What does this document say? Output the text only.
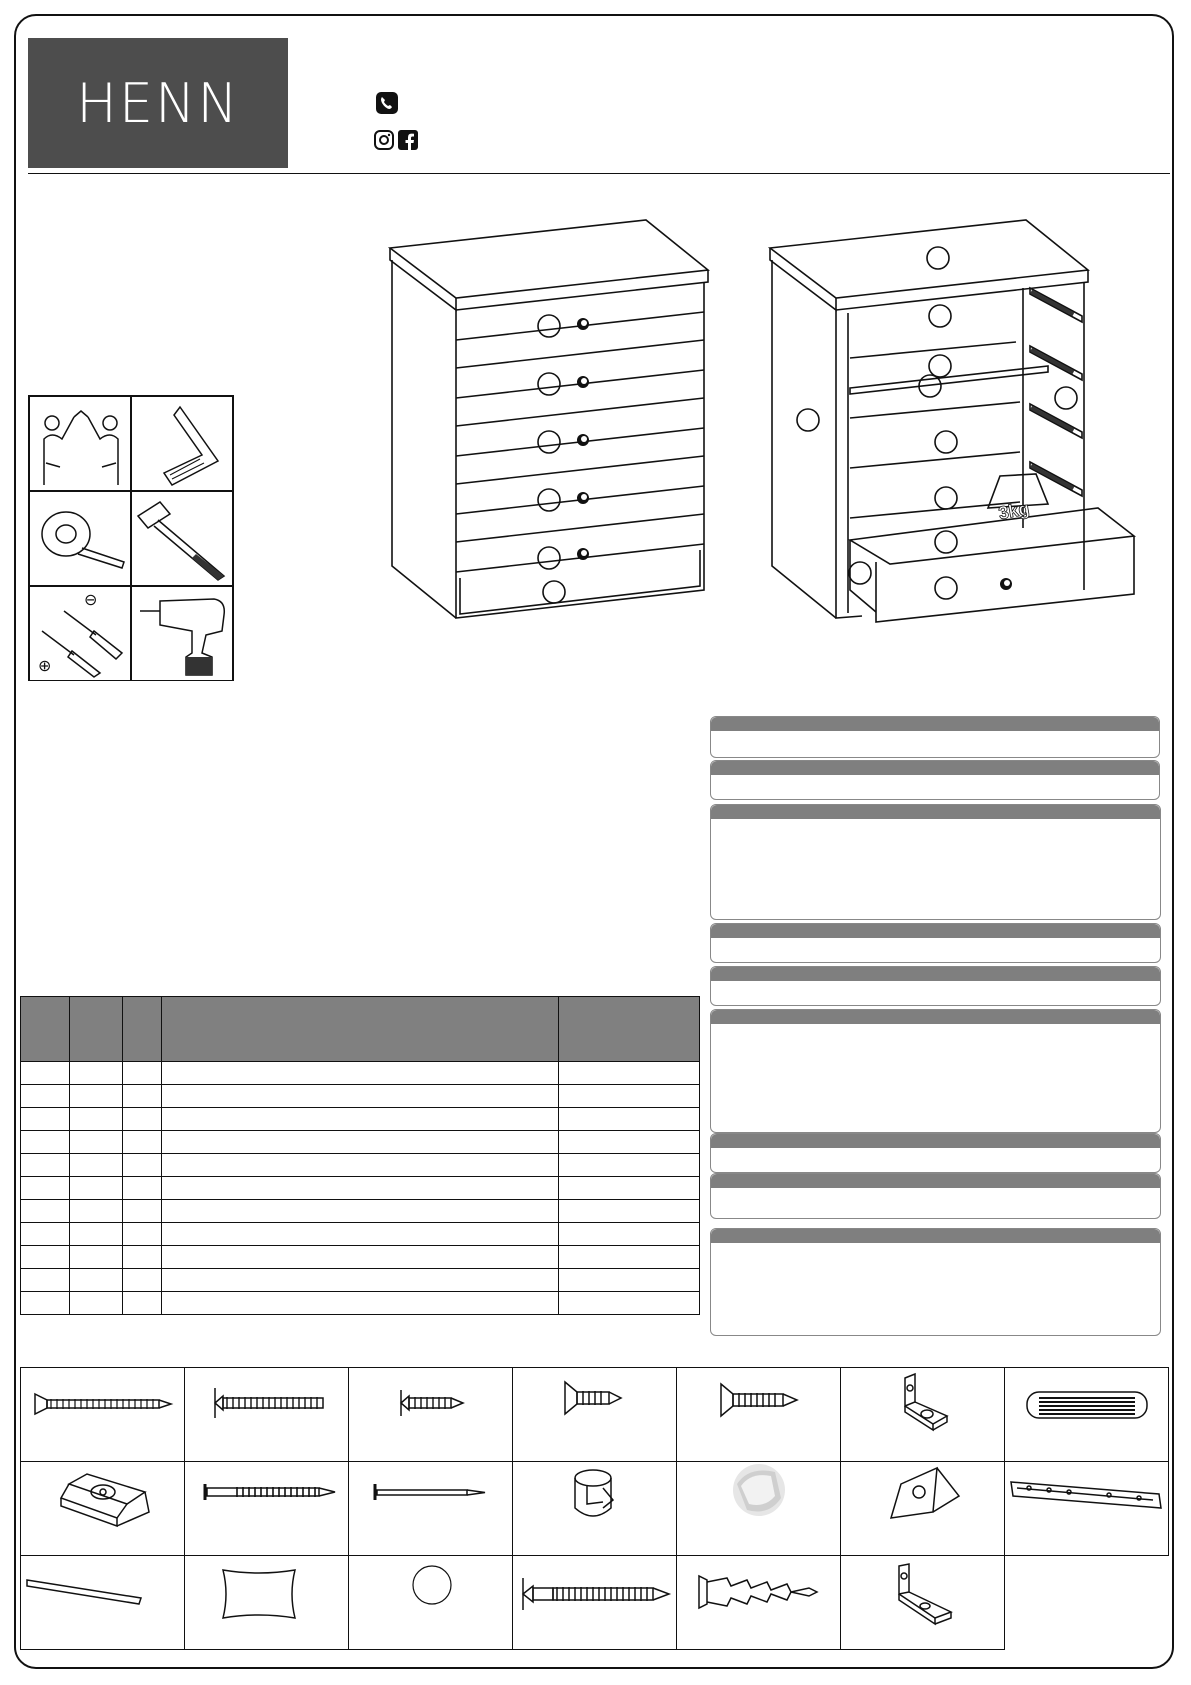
HENN
3kg
⊖
⊕
